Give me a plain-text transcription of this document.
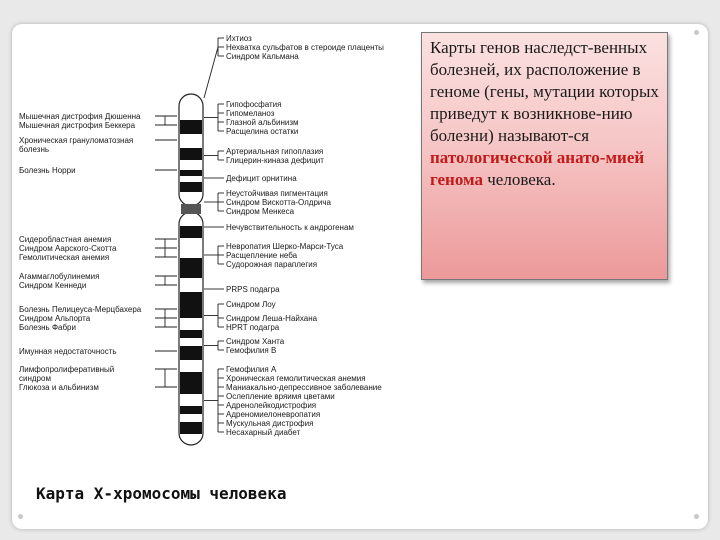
Мышечная дистрофия Дюшенна
Мышечная дистрофия Беккера
Хроническая грануломатозная
болезнь
Болезнь Норри
Сидеробластная анемия
Синдром Аарского-Скотта
Гемолитическая анемия
Агаммаглобулинемия
Синдром Кеннеди
Болезнь Пелицеуса-Мерцбахера
Синдром Альпорта
Болезнь Фабри
Имунная недостаточность
Лимфопролиферативный
синдром
Глюкоза и альбинизм
Ихтиоз
Нехватка сульфатов в стероиде плаценты
Синдром Кальмана
Гипофосфатия
Гипомеланоз
Глазной альбинизм
Расщелина остатки
Артериальная гипоплазия
Глицерин-киназа дефицит
Дефицит орнитина
Неустойчивая пигментация
Синдром Вискотта-Олдрича
Синдром Менкеса
Нечувствительность к андрогенам
Невропатия Шерко-Марси-Туса
Расщепление неба
Судорожная параплегия
PRPS подагра
Синдром Лоу
Синдром Леша-Найхана
HPRT подагра
Синдром Ханта
Гемофилия В
Гемофилия А
Хроническая гемолитическая анемия
Маниакально-депрессивное заболевание
Ослепление вряимя цветами
Адренолейкодистрофия
Адреномиелоневропатия
Мускульная дистрофия
Несахарный диабет
Карта X-хромосомы человека
Карты генов наследст-венных болезней, их расположение в геноме (гены, мутации которых приведут к возникнове-нию болезни) называют-ся патологической анато-мией генома человека.
